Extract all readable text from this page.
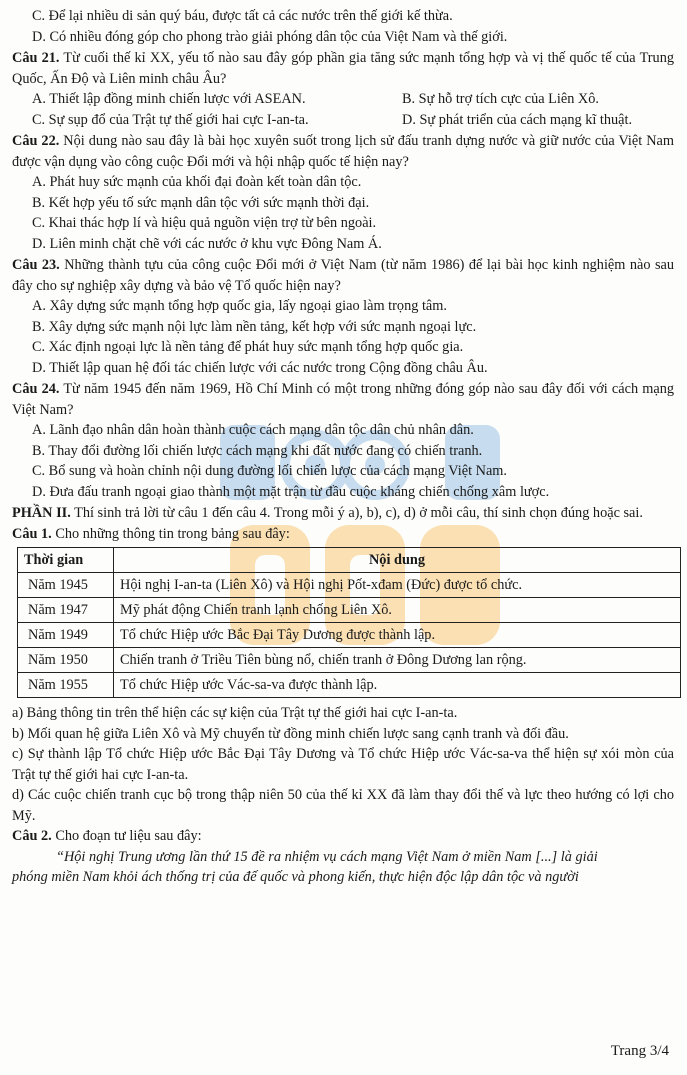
C. Để lại nhiều di sản quý báu, được tất cả các nước trên thế giới kế thừa.
D. Có nhiều đóng góp cho phong trào giải phóng dân tộc của Việt Nam và thế giới.
Câu 21. Từ cuối thế kỉ XX, yếu tố nào sau đây góp phần gia tăng sức mạnh tổng hợp và vị thế quốc tế của Trung Quốc, Ấn Độ và Liên minh châu Âu?
A. Thiết lập đồng minh chiến lược với ASEAN.	B. Sự hỗ trợ tích cực của Liên Xô.
C. Sự sụp đổ của Trật tự thế giới hai cực I-an-ta.	D. Sự phát triển của cách mạng kĩ thuật.
Câu 22. Nội dung nào sau đây là bài học xuyên suốt trong lịch sử đấu tranh dựng nước và giữ nước của Việt Nam được vận dụng vào công cuộc Đổi mới và hội nhập quốc tế hiện nay?
A. Phát huy sức mạnh của khối đại đoàn kết toàn dân tộc.
B. Kết hợp yếu tố sức mạnh dân tộc với sức mạnh thời đại.
C. Khai thác hợp lí và hiệu quả nguồn viện trợ từ bên ngoài.
D. Liên minh chặt chẽ với các nước ở khu vực Đông Nam Á.
Câu 23. Những thành tựu của công cuộc Đổi mới ở Việt Nam (từ năm 1986) để lại bài học kinh nghiệm nào sau đây cho sự nghiệp xây dựng và bảo vệ Tổ quốc hiện nay?
A. Xây dựng sức mạnh tổng hợp quốc gia, lấy ngoại giao làm trọng tâm.
B. Xây dựng sức mạnh nội lực làm nền tảng, kết hợp với sức mạnh ngoại lực.
C. Xác định ngoại lực là nền tảng để phát huy sức mạnh tổng hợp quốc gia.
D. Thiết lập quan hệ đối tác chiến lược với các nước trong Cộng đồng châu Âu.
Câu 24. Từ năm 1945 đến năm 1969, Hồ Chí Minh có một trong những đóng góp nào sau đây đối với cách mạng Việt Nam?
A. Lãnh đạo nhân dân hoàn thành cuộc cách mạng dân tộc dân chủ nhân dân.
B. Thay đổi đường lối chiến lược cách mạng khi đất nước đang có chiến tranh.
C. Bổ sung và hoàn chỉnh nội dung đường lối chiến lược của cách mạng Việt Nam.
D. Đưa đấu tranh ngoại giao thành một mặt trận từ đầu cuộc kháng chiến chống xâm lược.
PHẦN II. Thí sinh trả lời từ câu 1 đến câu 4. Trong mỗi ý a), b), c), d) ở mỗi câu, thí sinh chọn đúng hoặc sai.
Câu 1. Cho những thông tin trong bảng sau đây:
Thời gian	Nội dung
Năm 1945	Hội nghị I-an-ta (Liên Xô) và Hội nghị Pốt-xđam (Đức) được tổ chức.
Năm 1947	Mỹ phát động Chiến tranh lạnh chống Liên Xô.
Năm 1949	Tổ chức Hiệp ước Bắc Đại Tây Dương được thành lập.
Năm 1950	Chiến tranh ở Triều Tiên bùng nổ, chiến tranh ở Đông Dương lan rộng.
Năm 1955	Tổ chức Hiệp ước Vác-sa-va được thành lập.
a) Bảng thông tin trên thể hiện các sự kiện của Trật tự thế giới hai cực I-an-ta.
b) Mối quan hệ giữa Liên Xô và Mỹ chuyển từ đồng minh chiến lược sang cạnh tranh và đối đầu.
c) Sự thành lập Tổ chức Hiệp ước Bắc Đại Tây Dương và Tổ chức Hiệp ước Vác-sa-va thể hiện sự xói mòn của Trật tự thế giới hai cực I-an-ta.
d) Các cuộc chiến tranh cục bộ trong thập niên 50 của thế kỉ XX đã làm thay đổi thế và lực theo hướng có lợi cho Mỹ.
Câu 2. Cho đoạn tư liệu sau đây:
“Hội nghị Trung ương lần thứ 15 đề ra nhiệm vụ cách mạng Việt Nam ở miền Nam [...] là giải
phóng miền Nam khỏi ách thống trị của đế quốc và phong kiến, thực hiện độc lập dân tộc và người
Trang 3/4
